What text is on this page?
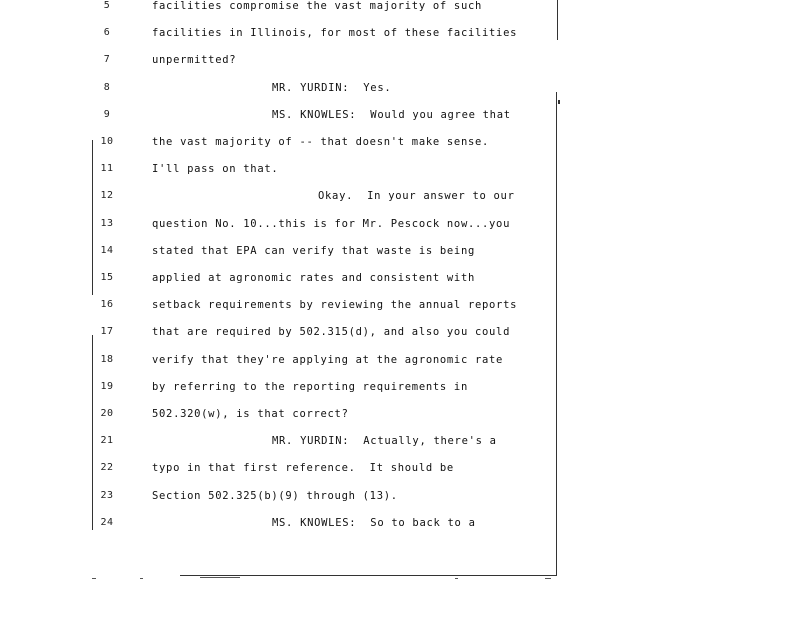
5	facilities compromise the vast majority of such
6	facilities in Illinois, for most of these facilities
7	unpermitted?
8	MR. YURDIN:  Yes.
9	MS. KNOWLES:  Would you agree that
10	the vast majority of -- that doesn't make sense.
11	I'll pass on that.
12	Okay.  In your answer to our
13	question No. 10...this is for Mr. Pescock now...you
14	stated that EPA can verify that waste is being
15	applied at agronomic rates and consistent with
16	setback requirements by reviewing the annual reports
17	that are required by 502.315(d), and also you could
18	verify that they're applying at the agronomic rate
19	by referring to the reporting requirements in
20	502.320(w), is that correct?
21	MR. YURDIN:  Actually, there's a
22	typo in that first reference.  It should be
23	Section 502.325(b)(9) through (13).
24	MS. KNOWLES:  So to back to a
